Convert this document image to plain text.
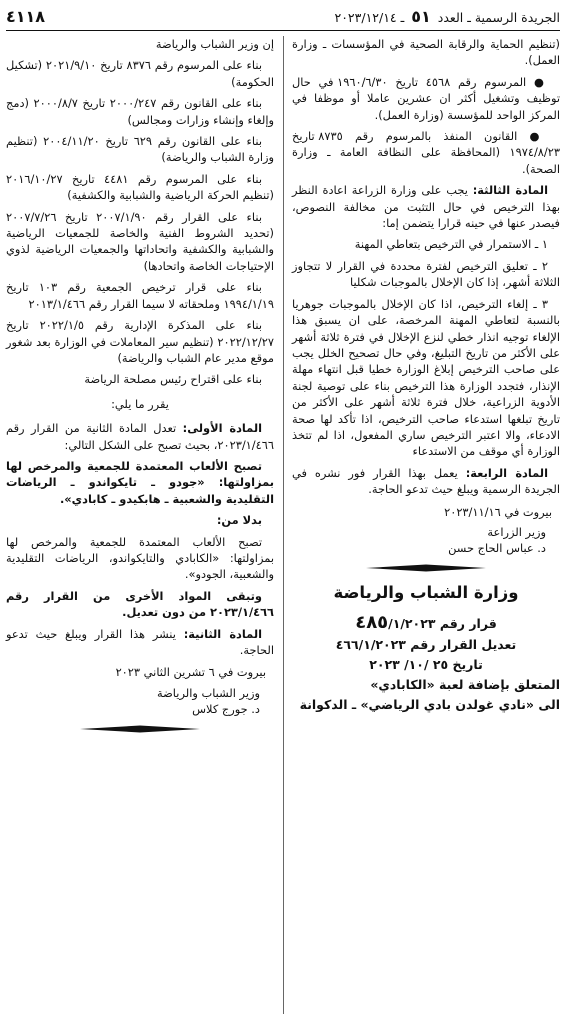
٤١١٨	الجريدة الرسمية ـ العدد ٥١ ـ ٢٠٢٣/١٢/١٤

(تنظيم الحماية والرقابة الصحية في المؤسسات ـ وزارة العمل).

● المرسوم رقم ٤٥٦٨ تاريخ ١٩٦٠/٦/٣٠ في حال توظيف وتشغيل أكثر ان عشرين عاملا أو موظفا في المركز الواحد للمؤسسة (وزارة العمل).

● القانون المنفذ بالمرسوم رقم ٨٧٣٥ تاريخ ١٩٧٤/٨/٢٣ (المحافظة على النظافة العامة ـ وزارة الصحة).

المادة الثالثة: يجب على وزارة الزراعة اعادة النظر بهذا الترخيص في حال التثبت من مخالفة النصوص، فيصدر عنها في حينه قرارا يتضمن إما:

١ ـ الاستمرار في الترخيص بتعاطي المهنة

٢ ـ تعليق الترخيص لفترة محددة في القرار لا تتجاوز الثلاثة أشهر، إذا كان الإخلال بالموجبات شكليا

٣ ـ إلغاء الترخيص، اذا كان الإخلال بالموجبات جوهريا بالنسبة لتعاطي المهنة المرخصة، على ان يسبق هذا الإلغاء توجيه انذار خطي لنزع الإخلال في فترة ثلاثة أشهر على الأكثر من تاريخ التبليغ، وفي حال تصحيح الخلل يجب على صاحب الترخيص إبلاغ الوزارة خطيا قبل انتهاء مهلة الإنذار، فتجدد الوزارة هذا الترخيص بناء على توصية لجنة الأدوية الزراعية، خلال فترة ثلاثة أشهر على الأكثر من تاريخ تبلغها استدعاء صاحب الترخيص، اذا تأكد لها صحة الادعاء، والا اعتبر الترخيص ساري المفعول، اذا لم تتخذ الوزارة أي موقف من الاستدعاء

المادة الرابعة: يعمل بهذا القرار فور نشره في الجريدة الرسمية ويبلغ حيث تدعو الحاجة.

بيروت في ٢٠٢٣/١١/١٦

وزير الزراعة

د. عباس الحاج حسن

وزارة الشباب والرياضة
قرار رقم ٤٨٥/١/٢٠٢٣
تعديل القرار رقم ٤٦٦/١/٢٠٢٣
تاريخ ٢٥ /١٠/ ٢٠٢٣
المتعلق بإضافة لعبة «الكابادي»
الى «نادي غولدن بادي الرياضي» ـ الدكوانة

إن وزير الشباب والرياضة

بناء على المرسوم رقم ٨٣٧٦ تاريخ ٢٠٢١/٩/١٠ (تشكيل الحكومة)

بناء على القانون رقم ٢٠٠٠/٢٤٧ تاريخ ٢٠٠٠/٨/٧ (دمج وإلغاء وإنشاء وزارات ومجالس)

بناء على القانون رقم ٦٢٩ تاريخ ٢٠٠٤/١١/٢٠ (تنظيم وزارة الشباب والرياضة)

بناء على المرسوم رقم ٤٤٨١ تاريخ ٢٠١٦/١٠/٢٧ (تنظيم الحركة الرياضية والشبابية والكشفية)

بناء على القرار رقم ٢٠٠٧/١/٩٠ تاريخ ٢٠٠٧/٧/٢٦ (تحديد الشروط الفنية والخاصة للجمعيات الرياضية والشبابية والكشفية واتحاداتها والجمعيات الرياضية لذوي الإحتياجات الخاصة واتحادها)

بناء على قرار ترخيص الجمعية رقم ١٠٣ تاريخ ١٩٩٤/١/١٩ وملحقاته لا سيما القرار رقم ٢٠١٣/١/٤٦٦

بناء على المذكرة الإدارية رقم ٢٠٢٢/١/٥ تاريخ ٢٠٢٢/١٢/٢٧ (تنظيم سير المعاملات في الوزارة بعد شغور موقع مدير عام الشباب والرياضة)

بناء على اقتراح رئيس مصلحة الرياضة

يقرر ما يلي:

المادة الأولى: تعدل المادة الثانية من القرار رقم ٢٠٢٣/١/٤٦٦، بحيث تصبح على الشكل التالي:

تصبح الألعاب المعتمدة للجمعية والمرخص لها بمزاولتها: «جودو ـ تايكواندو ـ الرياضات التقليدية والشعبية ـ هابكيدو ـ كابادي».

بدلا من:

تصبح الألعاب المعتمدة للجمعية والمرخص لها بمزاولتها: «الكابادي والتايكواندو، الرياضات التقليدية والشعبية، الجودو».

وتبقى المواد الأخرى من القرار رقم ٢٠٢٣/١/٤٦٦ من دون تعديل.

المادة الثانية: ينشر هذا القرار ويبلغ حيث تدعو الحاجة.

بيروت في ٦ تشرين الثاني ٢٠٢٣

وزير الشباب والرياضة

د. جورج كلاس
